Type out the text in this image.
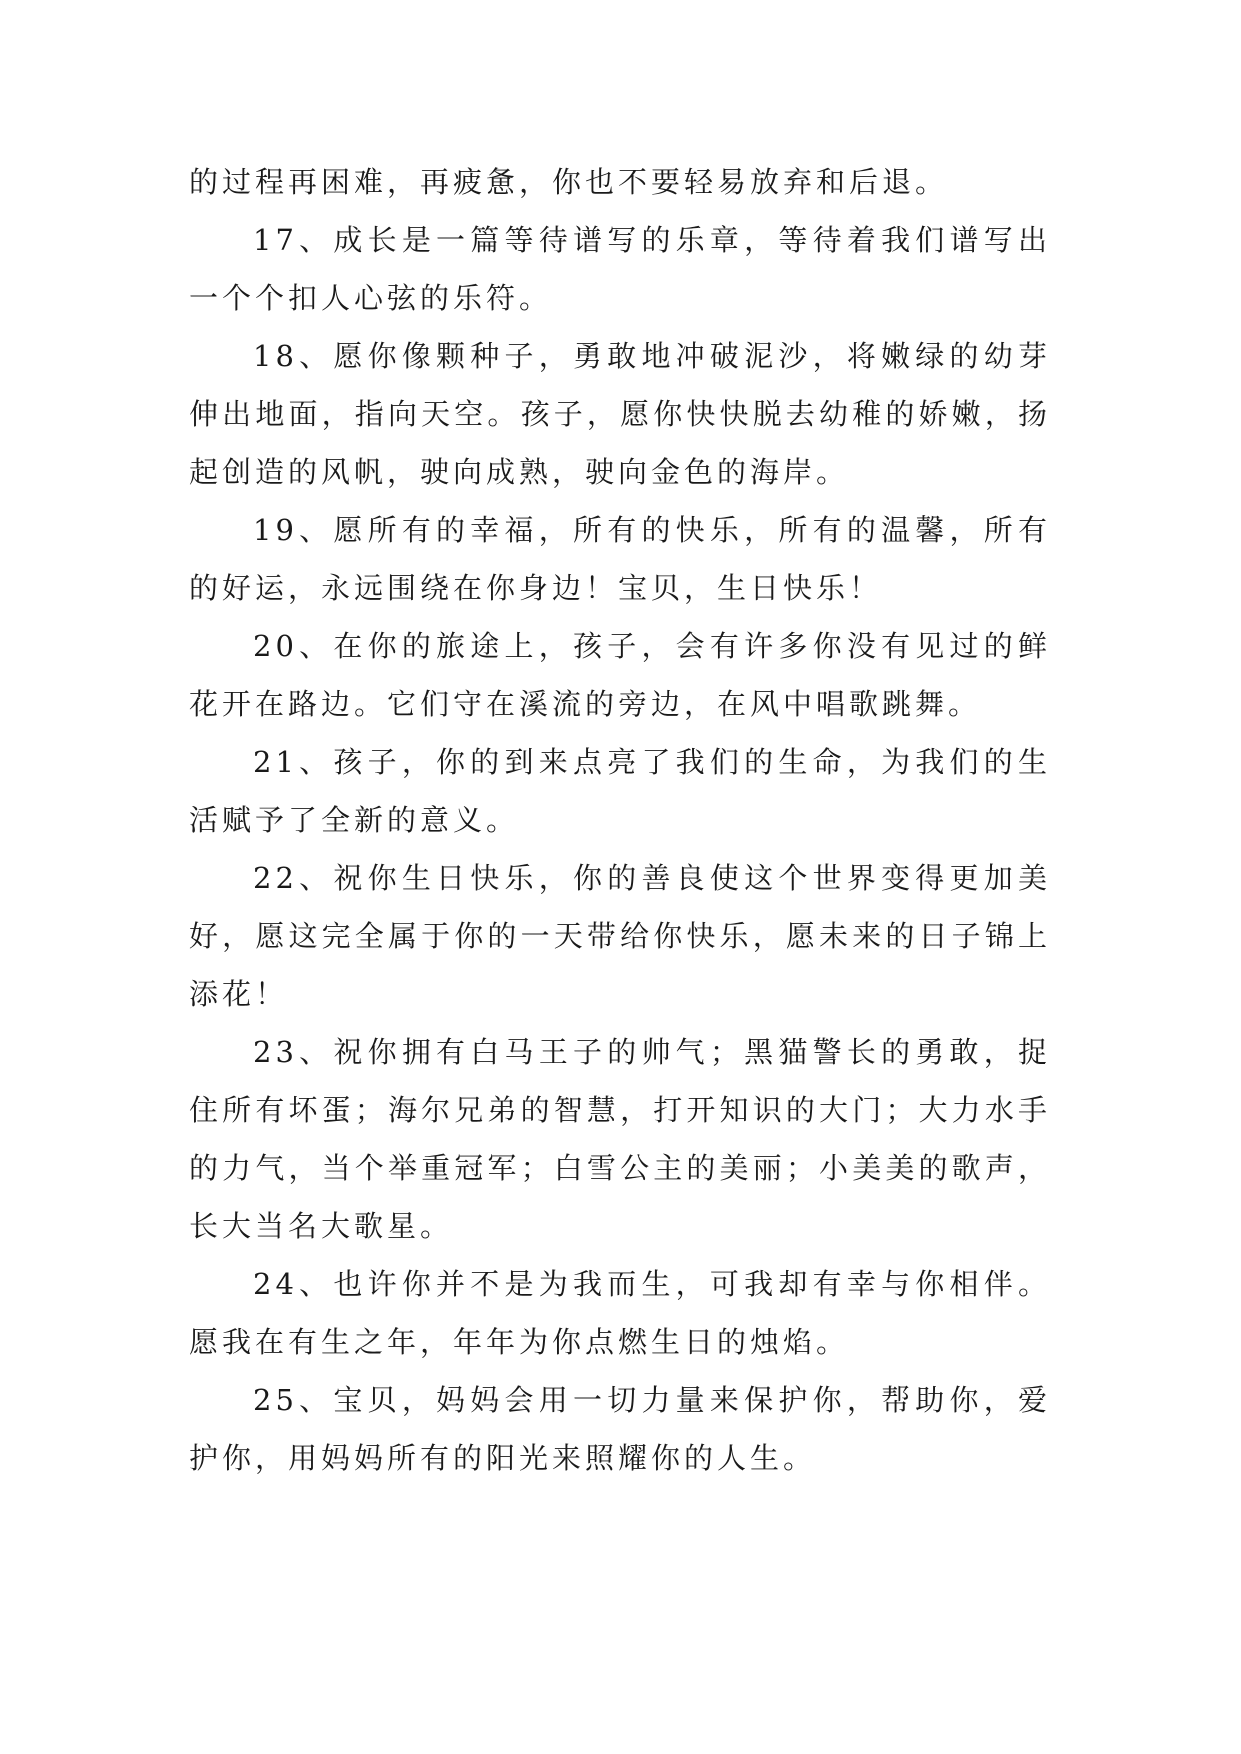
的过程再困难，再疲惫，你也不要轻易放弃和后退。

17、成长是一篇等待谱写的乐章，等待着我们谱写出一个个扣人心弦的乐符。

18、愿你像颗种子，勇敢地冲破泥沙，将嫩绿的幼芽伸出地面，指向天空。孩子，愿你快快脱去幼稚的娇嫩，扬起创造的风帆，驶向成熟，驶向金色的海岸。

19、愿所有的幸福，所有的快乐，所有的温馨，所有的好运，永远围绕在你身边！宝贝，生日快乐！

20、在你的旅途上，孩子，会有许多你没有见过的鲜花开在路边。它们守在溪流的旁边，在风中唱歌跳舞。

21、孩子，你的到来点亮了我们的生命，为我们的生活赋予了全新的意义。

22、祝你生日快乐，你的善良使这个世界变得更加美好，愿这完全属于你的一天带给你快乐，愿未来的日子锦上添花！

23、祝你拥有白马王子的帅气；黑猫警长的勇敢，捉住所有坏蛋；海尔兄弟的智慧，打开知识的大门；大力水手的力气，当个举重冠军；白雪公主的美丽；小美美的歌声，长大当名大歌星。

24、也许你并不是为我而生，可我却有幸与你相伴。愿我在有生之年，年年为你点燃生日的烛焰。

25、宝贝，妈妈会用一切力量来保护你，帮助你，爱护你，用妈妈所有的阳光来照耀你的人生。
